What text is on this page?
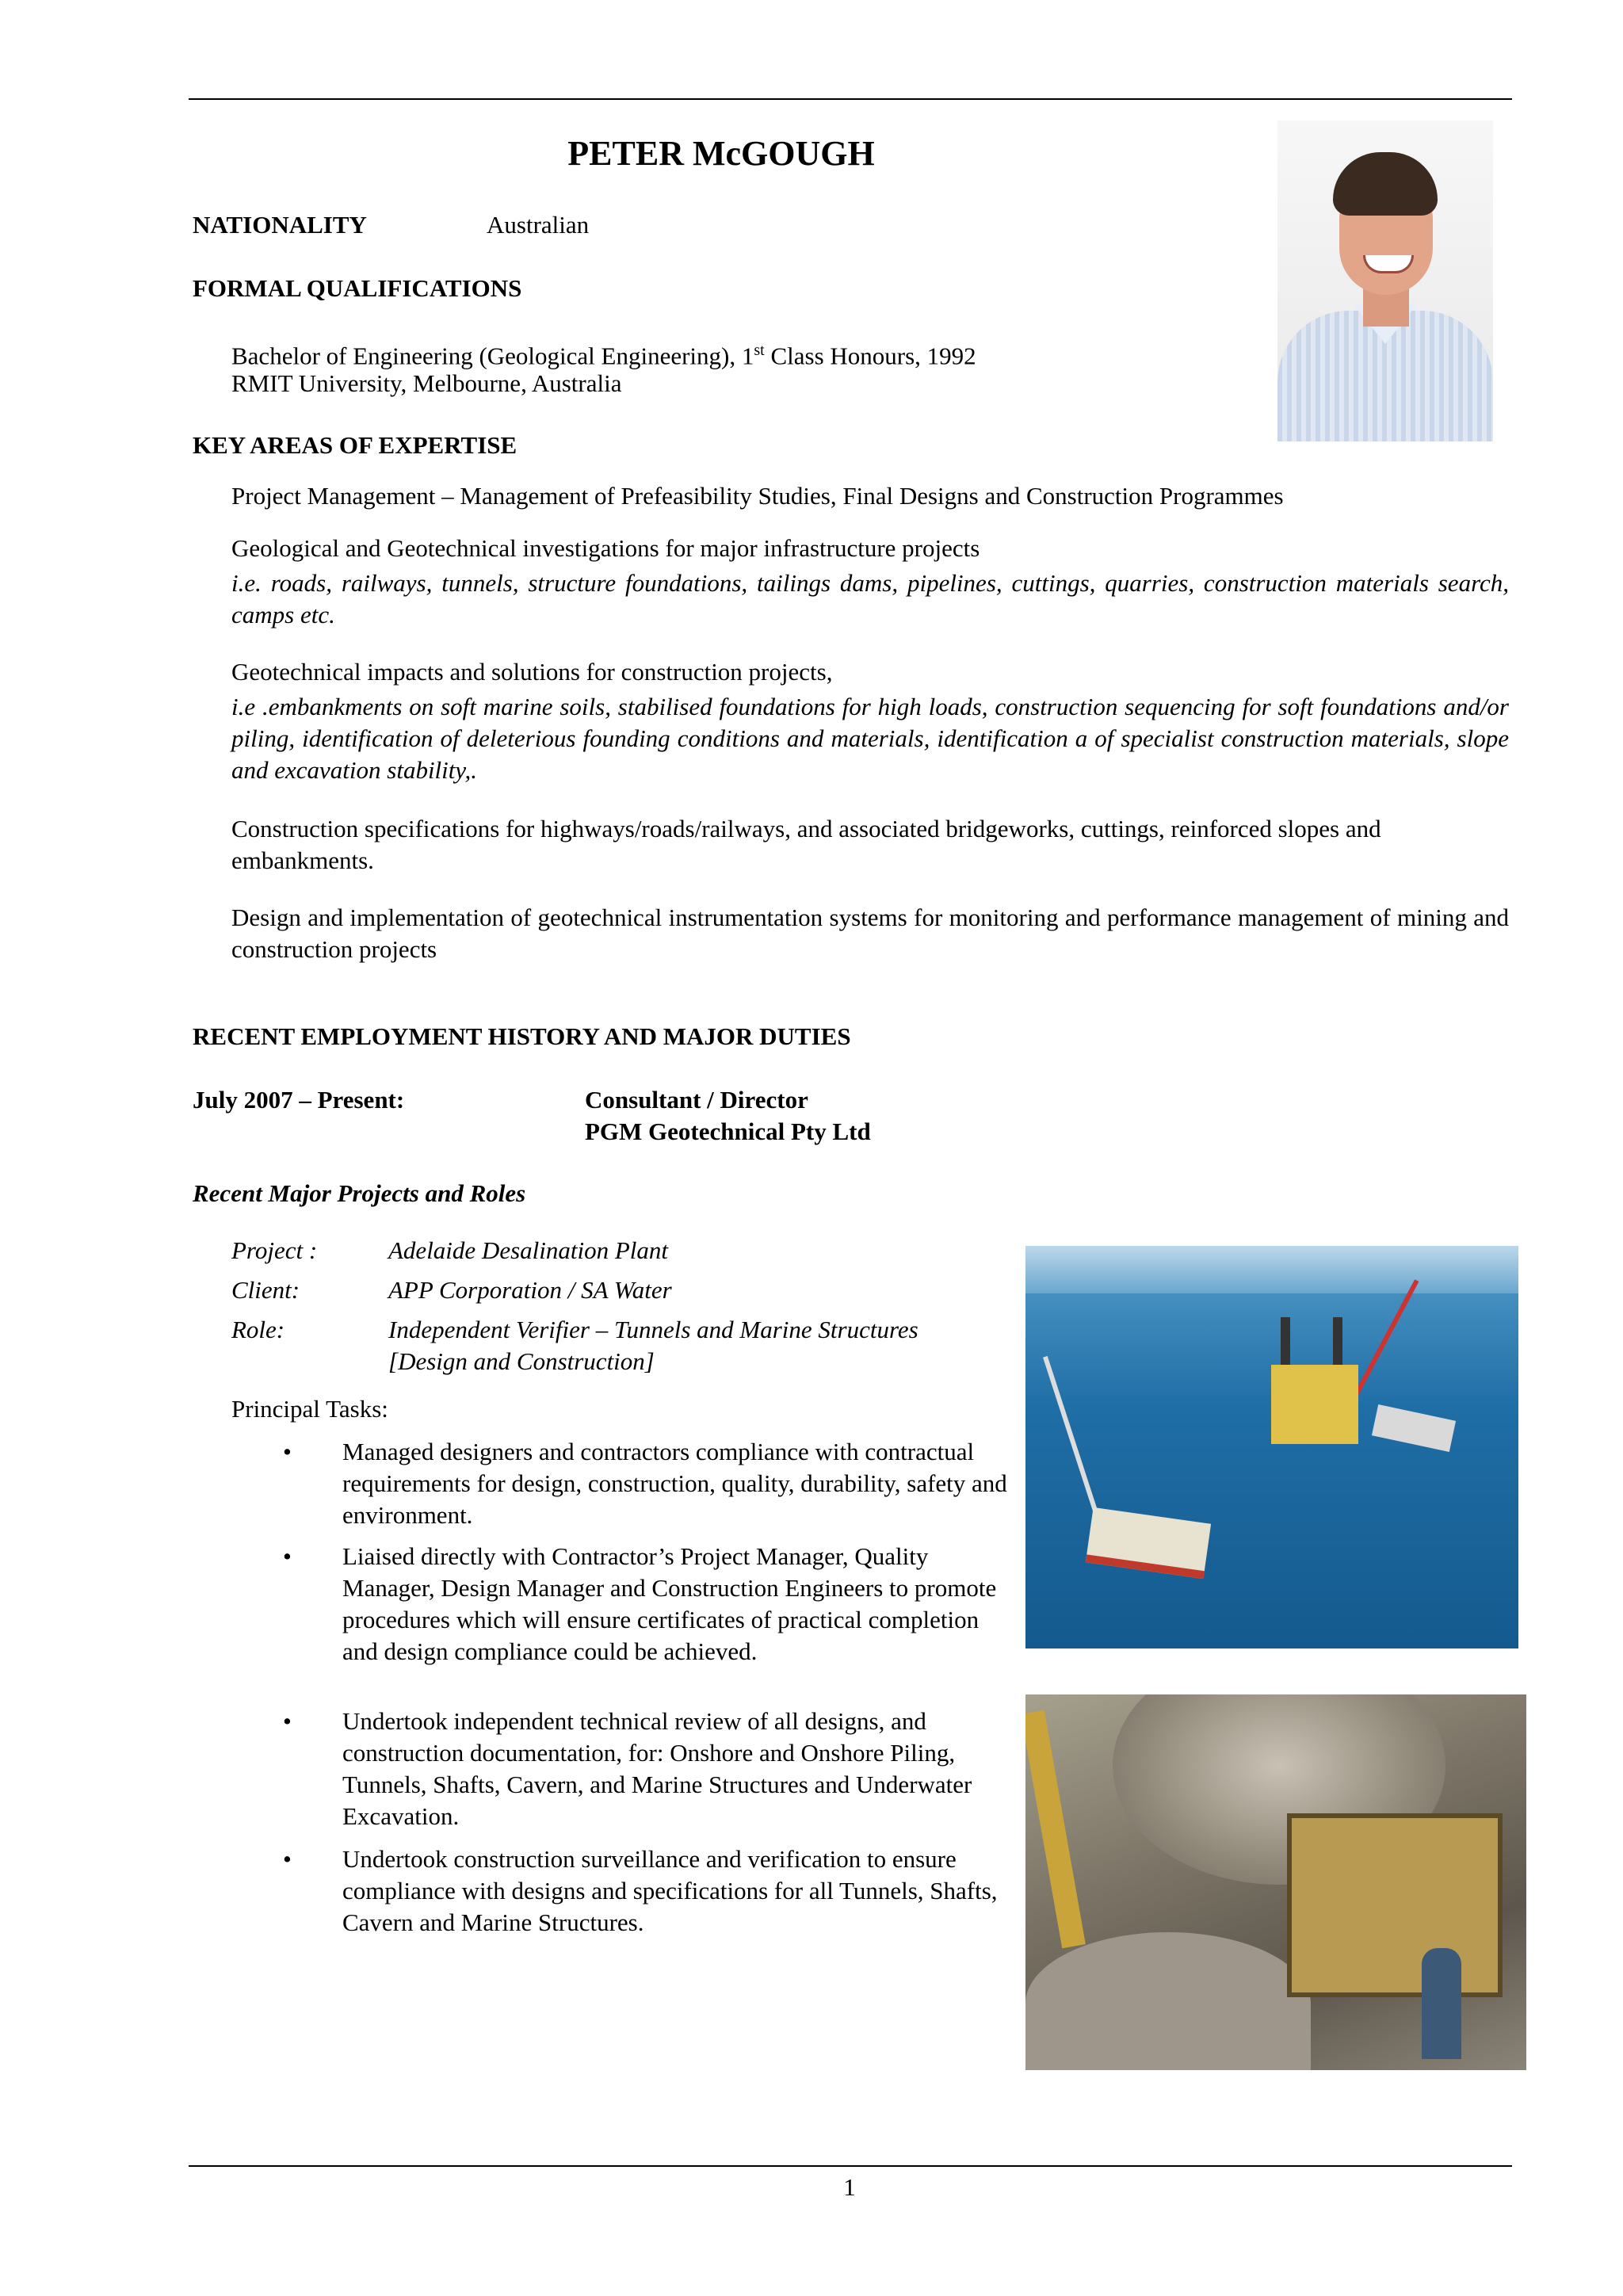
PETER McGOUGH
NATIONALITY	Australian
FORMAL QUALIFICATIONS
Bachelor of Engineering (Geological Engineering), 1st Class Honours, 1992
RMIT University, Melbourne, Australia
KEY AREAS OF EXPERTISE
Project Management – Management of Prefeasibility Studies, Final Designs and Construction Programmes
Geological and Geotechnical investigations for major infrastructure projects
i.e. roads, railways, tunnels, structure foundations, tailings dams, pipelines, cuttings, quarries, construction materials search, camps etc.
Geotechnical impacts and solutions for construction projects,
i.e .embankments on soft marine soils, stabilised foundations for high loads, construction sequencing for soft foundations and/or piling, identification of deleterious founding conditions and materials, identification a of specialist construction materials, slope and excavation stability,.
Construction specifications for highways/roads/railways, and associated bridgeworks, cuttings, reinforced slopes and embankments.
Design and implementation of geotechnical instrumentation systems for monitoring and performance management of mining and construction projects
RECENT EMPLOYMENT HISTORY AND MAJOR DUTIES
July 2007 – Present:	Consultant / Director
PGM Geotechnical Pty Ltd
Recent Major Projects and Roles
Project :	Adelaide Desalination Plant
Client:	APP Corporation / SA Water
Role:	Independent Verifier – Tunnels and Marine Structures
[Design and Construction]
Principal Tasks:
• Managed designers and contractors compliance with contractual requirements for design, construction, quality, durability, safety and environment.
• Liaised directly with Contractor’s Project Manager, Quality Manager, Design Manager and Construction Engineers to promote procedures which will ensure certificates of practical completion and design compliance could be achieved.
• Undertook independent technical review of all designs, and construction documentation, for: Onshore and Onshore Piling, Tunnels, Shafts, Cavern, and Marine Structures and Underwater Excavation.
• Undertook construction surveillance and verification to ensure compliance with designs and specifications for all Tunnels, Shafts, Cavern and Marine Structures.
1
